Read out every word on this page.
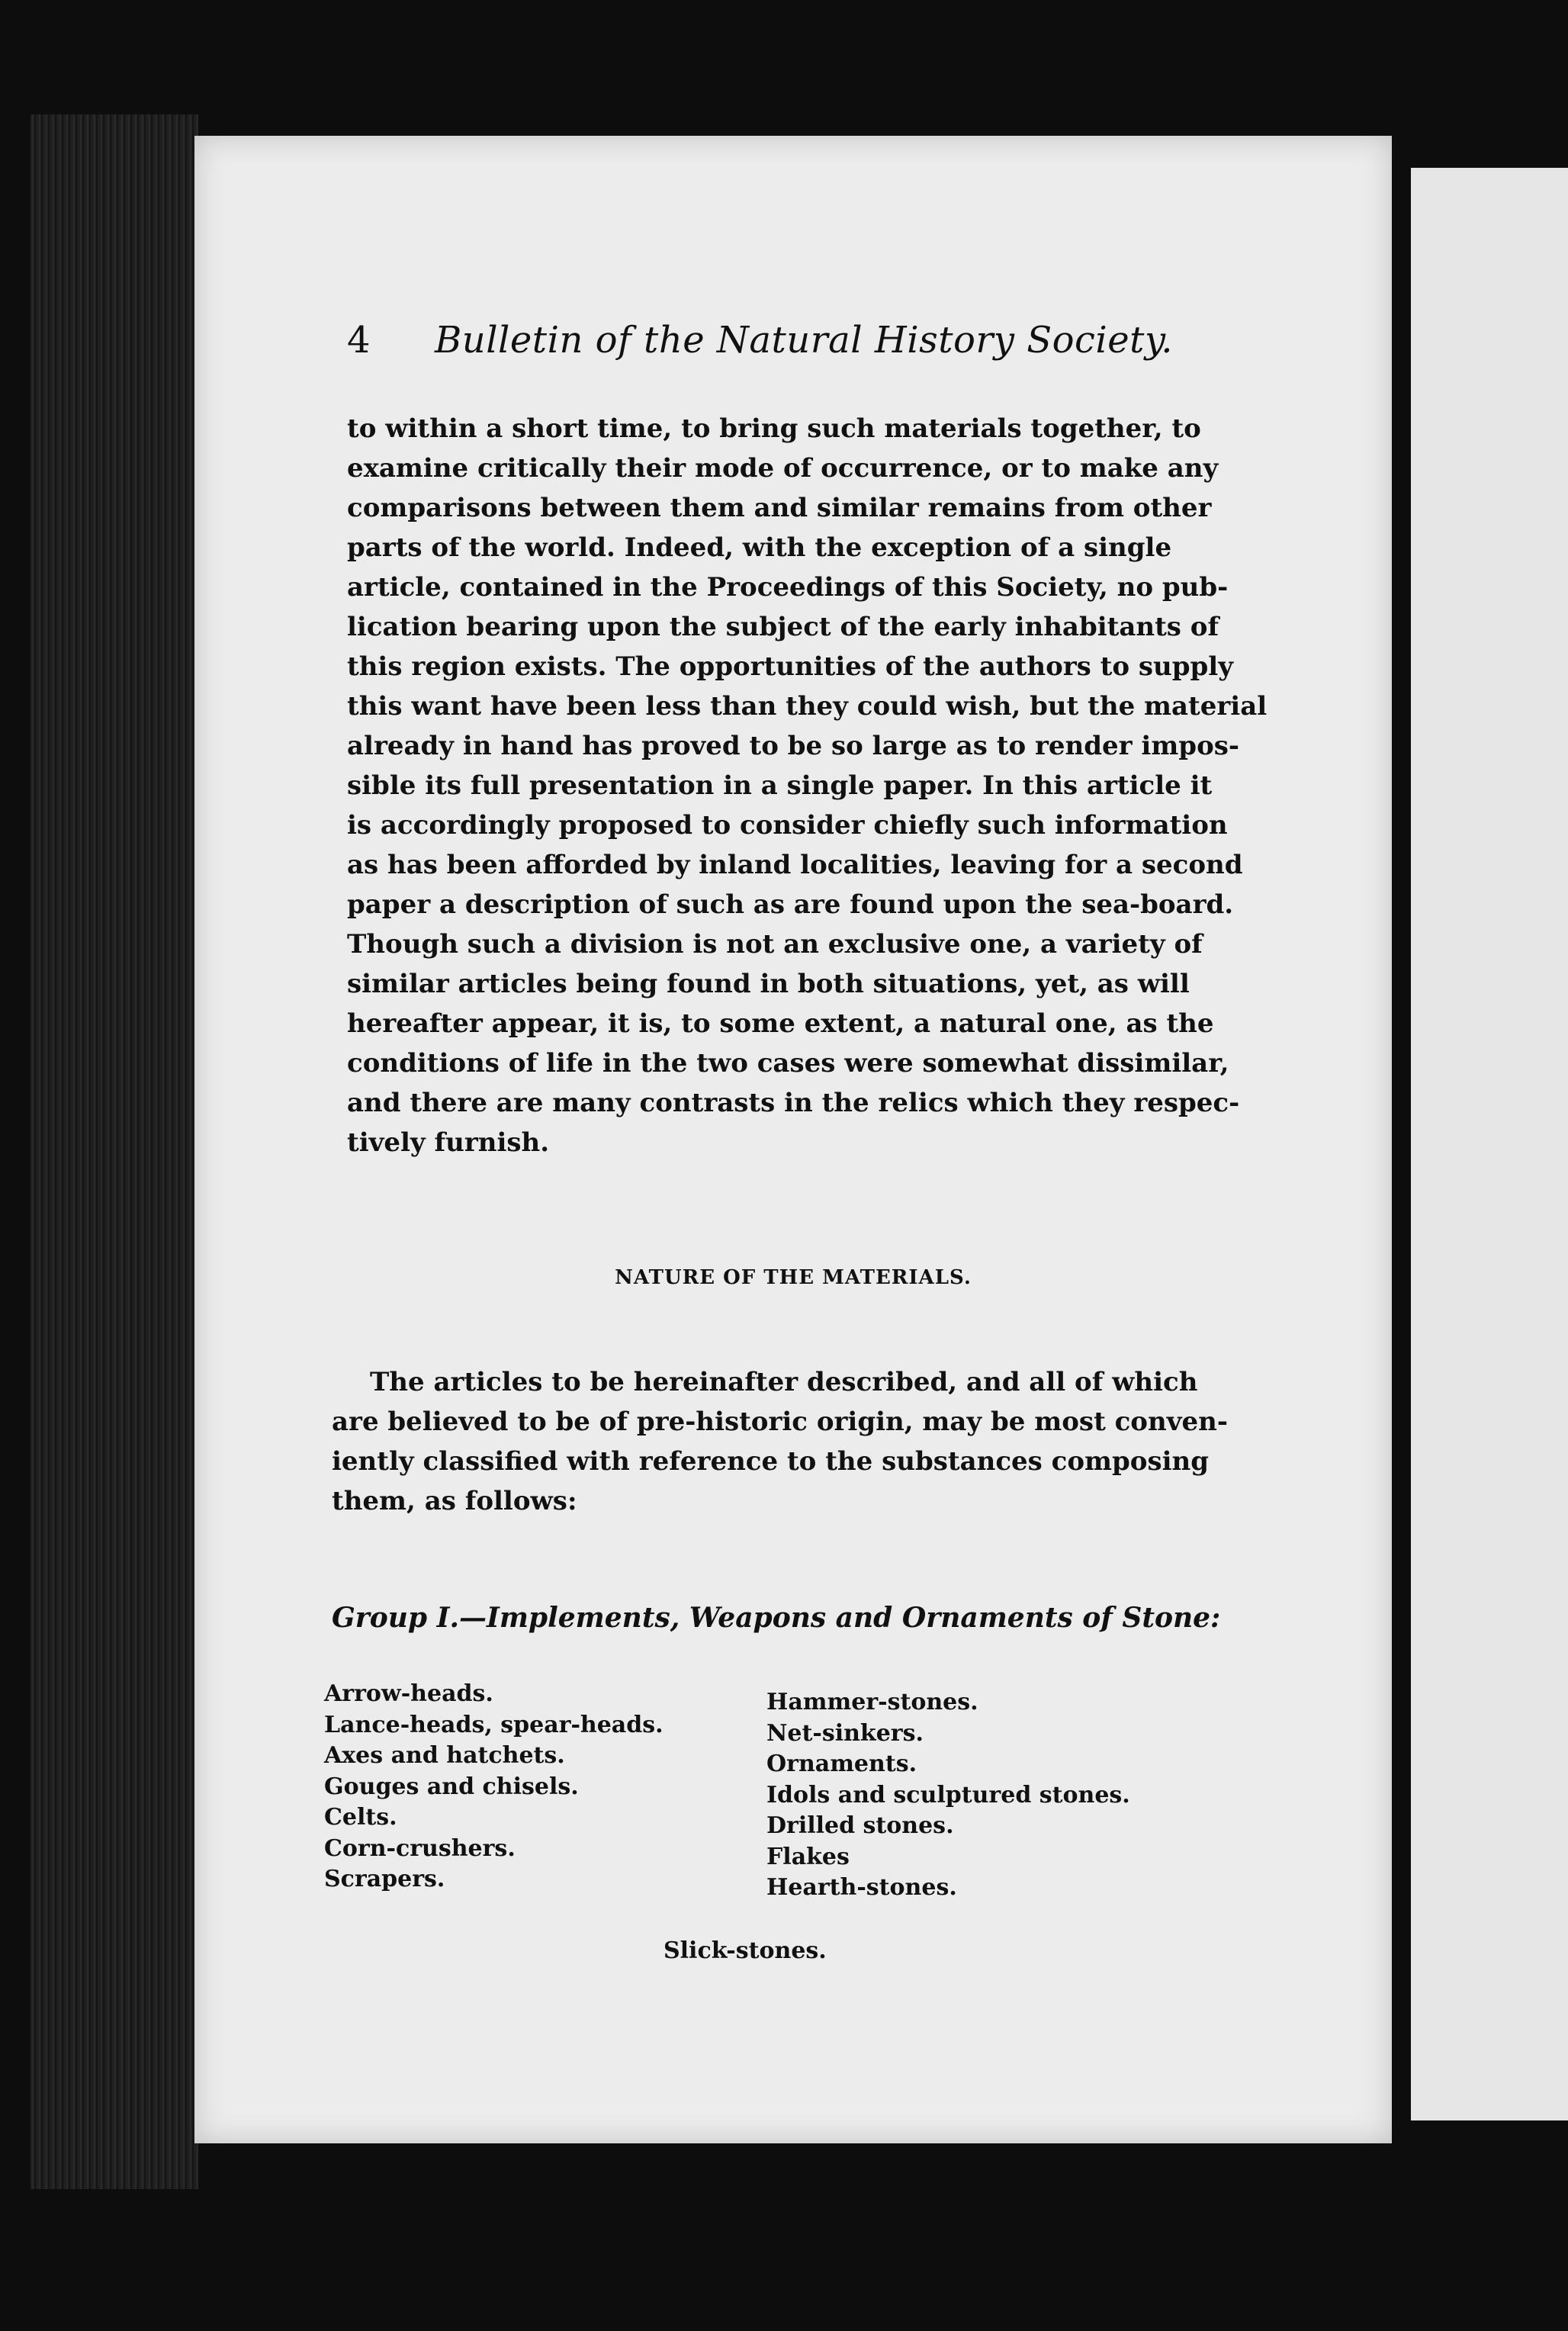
4 Bulletin of the Natural History Society.
to within a short time, to bring such materials together, to
examine critically their mode of occurrence, or to make any
comparisons between them and similar remains from other
parts of the world. Indeed, with the exception of a single
article, contained in the Proceedings of this Society, no pub-
lication bearing upon the subject of the early inhabitants of
this region exists. The opportunities of the authors to supply
this want have been less than they could wish, but the material
already in hand has proved to be so large as to render impos-
sible its full presentation in a single paper. In this article it
is accordingly proposed to consider chiefly such information
as has been afforded by inland localities, leaving for a second
paper a description of such as are found upon the sea-board.
Though such a division is not an exclusive one, a variety of
similar articles being found in both situations, yet, as will
hereafter appear, it is, to some extent, a natural one, as the
conditions of life in the two cases were somewhat dissimilar,
and there are many contrasts in the relics which they respec-
tively furnish.
NATURE OF THE MATERIALS.
The articles to be hereinafter described, and all of which
are believed to be of pre-historic origin, may be most conven-
iently classified with reference to the substances composing
them, as follows:
Group I.—Implements, Weapons and Ornaments of Stone:
Arrow-heads.
Lance-heads, spear-heads.
Axes and hatchets.
Gouges and chisels.
Celts.
Corn-crushers.
Scrapers.
Hammer-stones.
Net-sinkers.
Ornaments.
Idols and sculptured stones.
Drilled stones.
Flakes
Hearth-stones.
Slick-stones.
